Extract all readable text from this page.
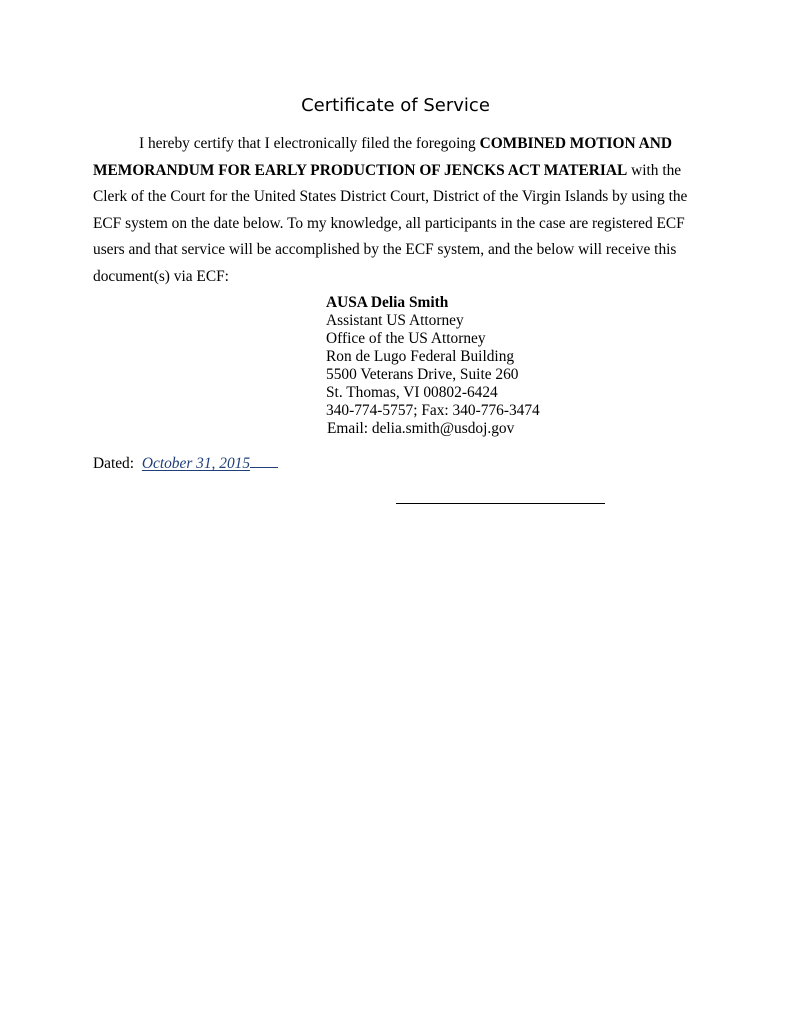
Certificate of Service

I hereby certify that I electronically filed the foregoing COMBINED MOTION AND MEMORANDUM FOR EARLY PRODUCTION OF JENCKS ACT MATERIAL with the Clerk of the Court for the United States District Court, District of the Virgin Islands by using the ECF system on the date below. To my knowledge, all participants in the case are registered ECF users and that service will be accomplished by the ECF system, and the below will receive this document(s) via ECF:

AUSA Delia Smith
Assistant US Attorney
Office of the US Attorney
Ron de Lugo Federal Building
5500 Veterans Drive, Suite 260
St. Thomas, VI 00802-6424
340-774-5757; Fax: 340-776-3474
Email: delia.smith@usdoj.gov
Dated: October 31, 2015
